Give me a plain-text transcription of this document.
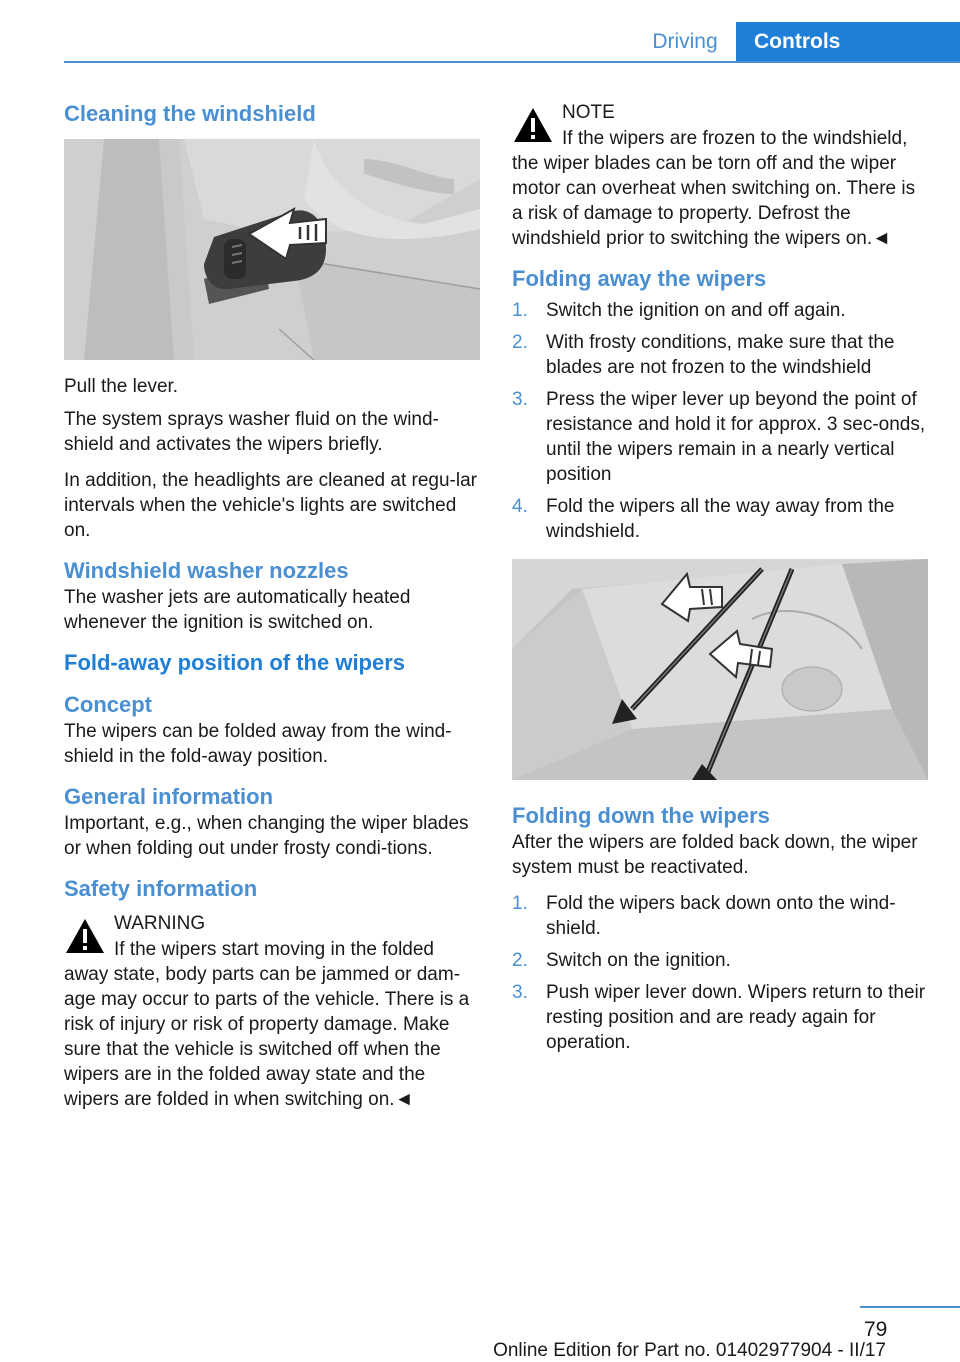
Driving	Controls
Cleaning the windshield

Pull the lever.

The system sprays washer fluid on the wind-shield and activates the wipers briefly.

In addition, the headlights are cleaned at regu-lar intervals when the vehicle's lights are switched on.

Windshield washer nozzles

The washer jets are automatically heated whenever the ignition is switched on.

Fold-away position of the wipers
Concept

The wipers can be folded away from the wind-shield in the fold-away position.

General information

Important, e.g., when changing the wiper blades or when folding out under frosty condi-tions.

Safety information
WARNING
If the wipers start moving in the folded
away state, body parts can be jammed or dam-age may occur to parts of the vehicle. There is a risk of injury or risk of property damage. Make sure that the vehicle is switched off when the wipers are in the folded away state and the wipers are folded in when switching on.◄
NOTE
If the wipers are frozen to the windshield,
the wiper blades can be torn off and the wiper motor can overheat when switching on. There is a risk of damage to property. Defrost the windshield prior to switching the wipers on.◄
Folding away the wipers
1. Switch the ignition on and off again.
2. With frosty conditions, make sure that the blades are not frozen to the windshield
3. Press the wiper lever up beyond the point of resistance and hold it for approx. 3 sec-onds, until the wipers remain in a nearly vertical position
4. Fold the wipers all the way away from the windshield.
Folding down the wipers

After the wipers are folded back down, the wiper system must be reactivated.

1. Fold the wipers back down onto the wind-shield.
2. Switch on the ignition.
3. Push wiper lever down. Wipers return to their resting position and are ready again for operation.
79
Online Edition for Part no. 01402977904 - II/17
